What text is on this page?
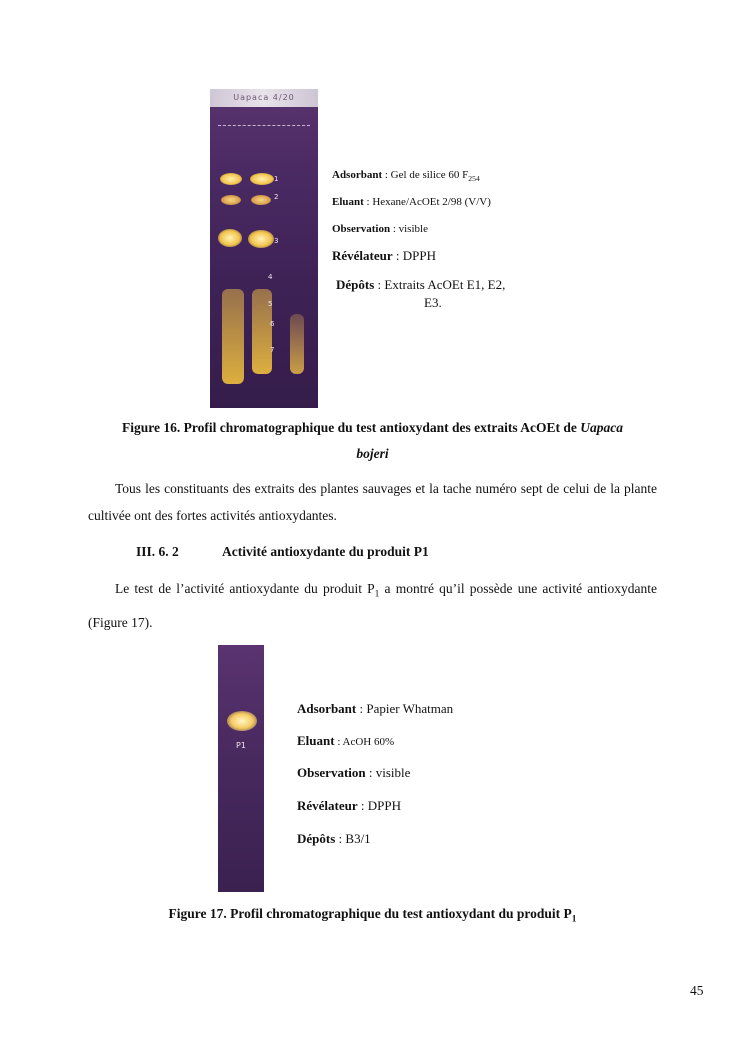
Uapaca 4/20
1
2
3
4
5
6
7
Adsorbant : Gel de silice 60 $F_{254}$
Eluant : Hexane/AcOEt 2/98 (V/V)
Observation : visible
Révélateur : DPPH
Dépôts : Extraits AcOEt E1, E2,
E3.
Figure 16. Profil chromatographique du test antioxydant des extraits AcOEt de Uapaca
bojeri
Tous les constituants des extraits des plantes sauvages et la tache numéro sept de celui de la plante cultivée ont des fortes activités antioxydantes.
III. 6. 2	Activité antioxydante du produit P1
Le test de l’activité antioxydante du produit $P_1$ a montré qu’il possède une activité antioxydante (Figure 17).
P1
Adsorbant : Papier Whatman
Eluant : AcOH 60%
Observation : visible
Révélateur : DPPH
Dépôts : B3/1
Figure 17. Profil chromatographique du test antioxydant du produit $P_1$
45
